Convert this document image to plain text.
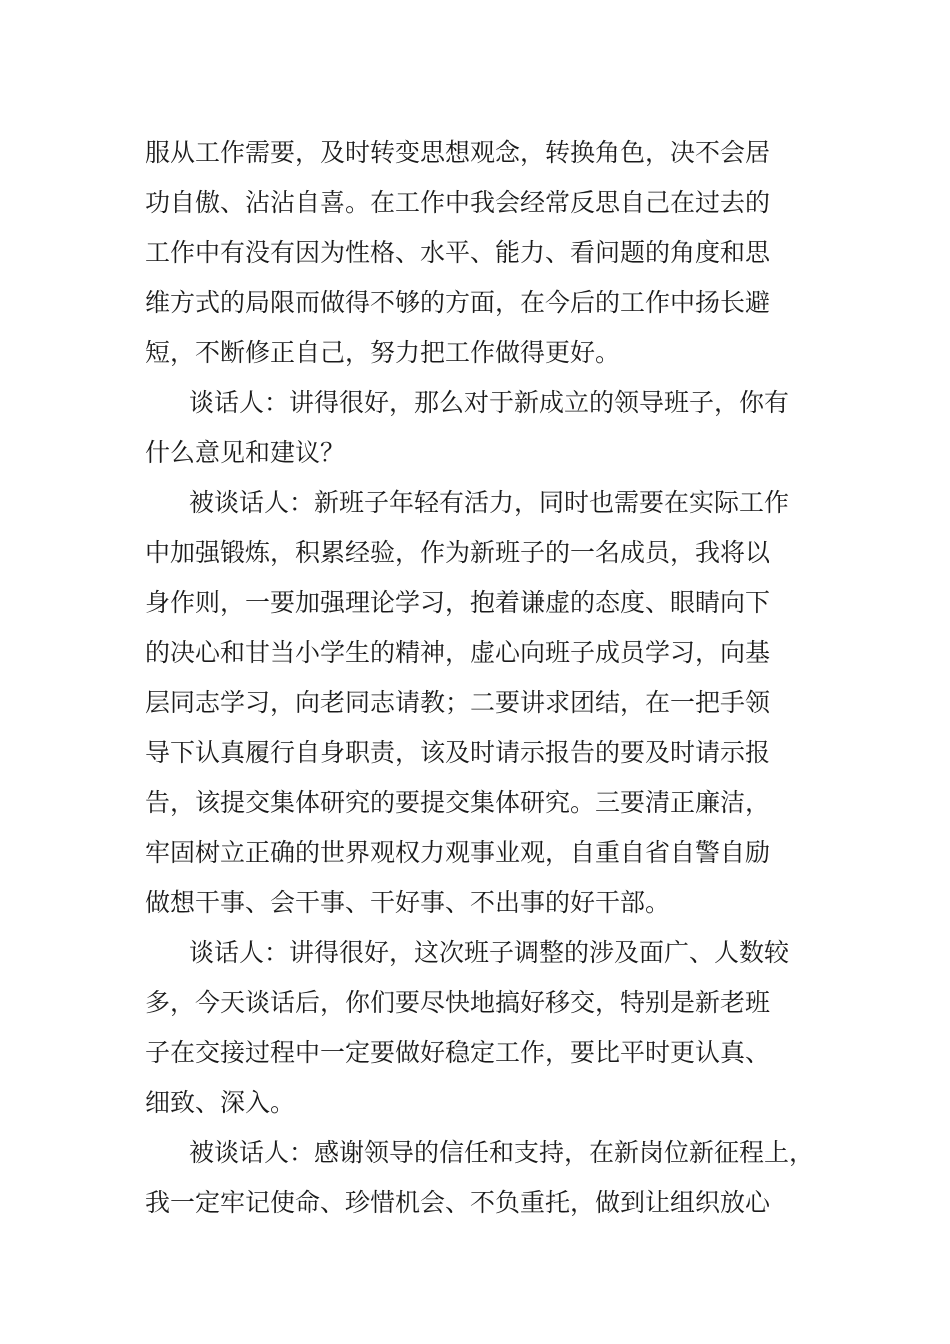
服从工作需要，及时转变思想观念，转换角色，决不会居
功自傲、沾沾自喜。在工作中我会经常反思自己在过去的
工作中有没有因为性格、水平、能力、看问题的角度和思
维方式的局限而做得不够的方面，在今后的工作中扬长避
短，不断修正自己，努力把工作做得更好。
谈话人：讲得很好，那么对于新成立的领导班子，你有
什么意见和建议？
被谈话人：新班子年轻有活力，同时也需要在实际工作
中加强锻炼，积累经验，作为新班子的一名成员，我将以
身作则，一要加强理论学习，抱着谦虚的态度、眼睛向下
的决心和甘当小学生的精神，虚心向班子成员学习，向基
层同志学习，向老同志请教；二要讲求团结，在一把手领
导下认真履行自身职责，该及时请示报告的要及时请示报
告，该提交集体研究的要提交集体研究。三要清正廉洁，
牢固树立正确的世界观权力观事业观，自重自省自警自励
做想干事、会干事、干好事、不出事的好干部。
谈话人：讲得很好，这次班子调整的涉及面广、人数较
多，今天谈话后，你们要尽快地搞好移交，特别是新老班
子在交接过程中一定要做好稳定工作，要比平时更认真、
细致、深入。
被谈话人：感谢领导的信任和支持，在新岗位新征程上，
我一定牢记使命、珍惜机会、不负重托，做到让组织放心
